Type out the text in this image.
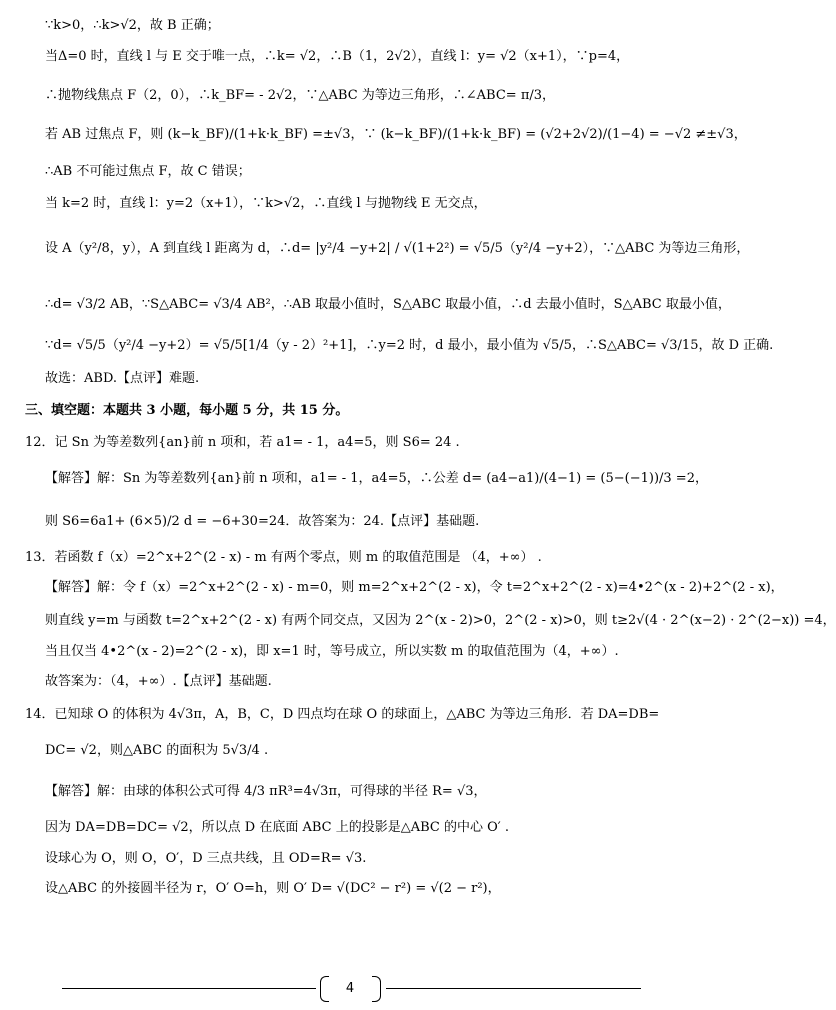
∵k>0，∴k>√2，故 B 正确；
当Δ=0 时，直线 l 与 E 交于唯一点，∴k= √2，∴B（1，2√2），直线 l：y= √2（x+1），∵p=4，
∴抛物线焦点 F（2，0），∴k_BF= - 2√2，∵△ABC 为等边三角形，∴∠ABC= π/3，
若 AB 过焦点 F，则 (k−k_BF)/(1+k·k_BF) =±√3，∵ (k−k_BF)/(1+k·k_BF) = (√2+2√2)/(1−4) = −√2 ≠±√3，
∴AB 不可能过焦点 F，故 C 错误；
当 k=2 时，直线 l：y=2（x+1），∵k>√2，∴直线 l 与抛物线 E 无交点，
设 A（y²/8，y），A 到直线 l 距离为 d，∴d= |y²/4 −y+2| / √(1+2²) = √5/5（y²/4 −y+2），∵△ABC 为等边三角形，
∴d= √3/2 AB，∵S△ABC= √3/4 AB²，∴AB 取最小值时，S△ABC 取最小值，∴d 去最小值时，S△ABC 取最小值，
∵d= √5/5（y²/4 −y+2）= √5/5[1/4（y - 2）²+1]，∴y=2 时，d 最小，最小值为 √5/5，∴S△ABC= √3/15，故 D 正确.
故选：ABD.【点评】难题.
三、填空题：本题共 3 小题，每小题 5 分，共 15 分。
12．记 Sn 为等差数列{an}前 n 项和，若 a1= - 1，a4=5，则 S6= 24 .
【解答】解：Sn 为等差数列{an}前 n 项和，a1= - 1，a4=5，∴公差 d= (a4−a1)/(4−1) = (5−(−1))/3 =2，
则 S6=6a1+ (6×5)/2 d = −6+30=24．故答案为：24.【点评】基础题.
13．若函数 f（x）=2^x+2^(2 - x) - m 有两个零点，则 m 的取值范围是 （4，+∞） .
【解答】解：令 f（x）=2^x+2^(2 - x) - m=0，则 m=2^x+2^(2 - x)，令 t=2^x+2^(2 - x)=4•2^(x - 2)+2^(2 - x)，
则直线 y=m 与函数 t=2^x+2^(2 - x) 有两个同交点，又因为 2^(x - 2)>0，2^(2 - x)>0，则 t≥2√(4 · 2^(x−2) · 2^(2−x)) =4，
当且仅当 4•2^(x - 2)=2^(2 - x)，即 x=1 时，等号成立，所以实数 m 的取值范围为（4，+∞）.
故答案为：（4，+∞）.【点评】基础题.
14．已知球 O 的体积为 4√3π，A，B，C，D 四点均在球 O 的球面上，△ABC 为等边三角形．若 DA=DB=
DC= √2，则△ABC 的面积为 5√3/4 .
【解答】解：由球的体积公式可得 4/3 πR³=4√3π，可得球的半径 R= √3，
因为 DA=DB=DC= √2，所以点 D 在底面 ABC 上的投影是△ABC 的中心 O′ .
设球心为 O，则 O，O′，D 三点共线，且 OD=R= √3.
设△ABC 的外接圆半径为 r，O′ O=h，则 O′ D= √(DC² − r²) = √(2 − r²)，
4
